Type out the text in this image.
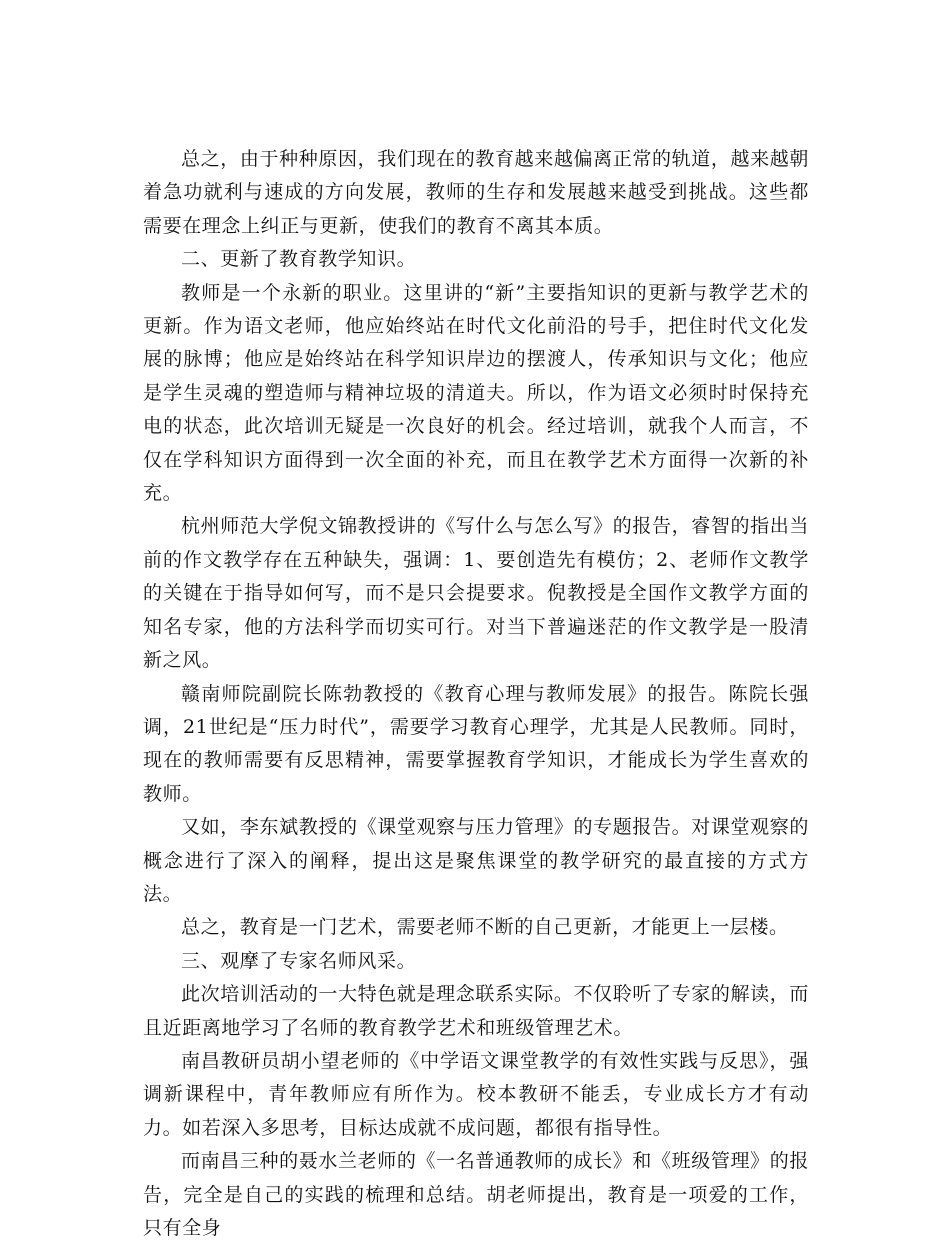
总之，由于种种原因，我们现在的教育越来越偏离正常的轨道，越来越朝着急功就利与速成的方向发展，教师的生存和发展越来越受到挑战。这些都需要在理念上纠正与更新，使我们的教育不离其本质。

二、更新了教育教学知识。

教师是一个永新的职业。这里讲的“新”主要指知识的更新与教学艺术的更新。作为语文老师，他应始终站在时代文化前沿的号手，把住时代文化发展的脉博；他应是始终站在科学知识岸边的摆渡人，传承知识与文化；他应是学生灵魂的塑造师与精神垃圾的清道夫。所以，作为语文必须时时保持充电的状态，此次培训无疑是一次良好的机会。经过培训，就我个人而言，不仅在学科知识方面得到一次全面的补充，而且在教学艺术方面得一次新的补充。

杭州师范大学倪文锦教授讲的《写什么与怎么写》的报告，睿智的指出当前的作文教学存在五种缺失，强调：1、要创造先有模仿；2、老师作文教学的关键在于指导如何写，而不是只会提要求。倪教授是全国作文教学方面的知名专家，他的方法科学而切实可行。对当下普遍迷茫的作文教学是一股清新之风。

赣南师院副院长陈勃教授的《教育心理与教师发展》的报告。陈院长强调，21世纪是“压力时代”，需要学习教育心理学，尤其是人民教师。同时，现在的教师需要有反思精神，需要掌握教育学知识，才能成长为学生喜欢的教师。

又如，李东斌教授的《课堂观察与压力管理》的专题报告。对课堂观察的概念进行了深入的阐释，提出这是聚焦课堂的教学研究的最直接的方式方法。

总之，教育是一门艺术，需要老师不断的自己更新，才能更上一层楼。

三、观摩了专家名师风采。

此次培训活动的一大特色就是理念联系实际。不仅聆听了专家的解读，而且近距离地学习了名师的教育教学艺术和班级管理艺术。

南昌教研员胡小望老师的《中学语文课堂教学的有效性实践与反思》，强调新课程中，青年教师应有所作为。校本教研不能丢，专业成长方才有动力。如若深入多思考，目标达成就不成问题，都很有指导性。

而南昌三种的聂水兰老师的《一名普通教师的成长》和《班级管理》的报告，完全是自己的实践的梳理和总结。胡老师提出，教育是一项爱的工作，只有全身
